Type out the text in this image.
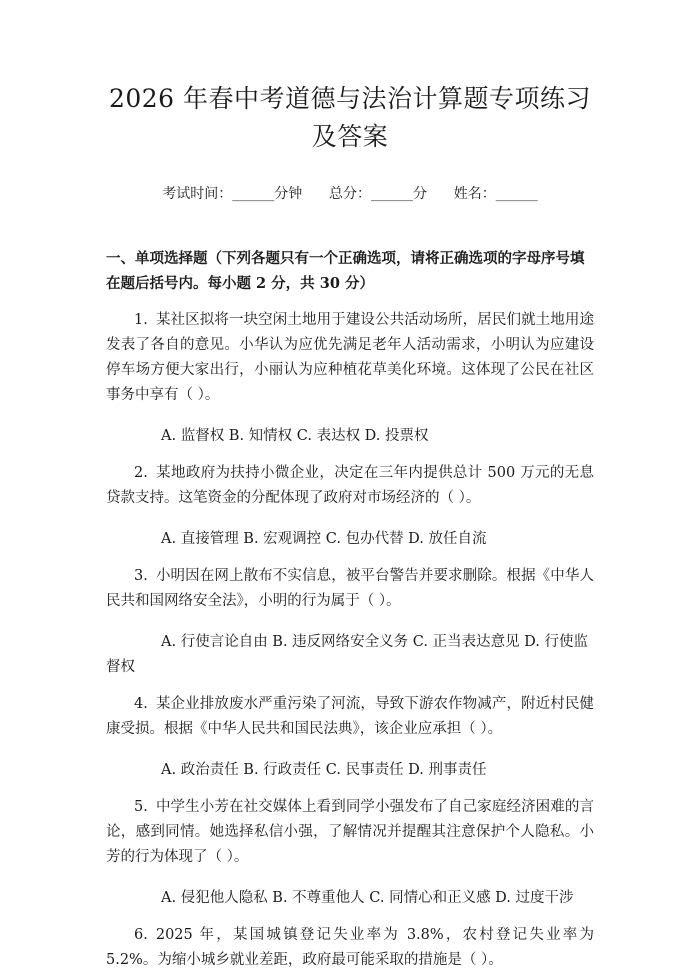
2026 年春中考道德与法治计算题专项练习及答案
考试时间：______分钟      总分：______分      姓名：______
一、单项选择题（下列各题只有一个正确选项，请将正确选项的字母序号填在题后括号内。每小题 2 分，共 30 分）
1. 某社区拟将一块空闲土地用于建设公共活动场所，居民们就土地用途发表了各自的意见。小华认为应优先满足老年人活动需求，小明认为应建设停车场方便大家出行，小丽认为应种植花草美化环境。这体现了公民在社区事务中享有（ ）。
A. 监督权 B. 知情权 C. 表达权 D. 投票权
2. 某地政府为扶持小微企业，决定在三年内提供总计 500 万元的无息贷款支持。这笔资金的分配体现了政府对市场经济的（ ）。
A. 直接管理 B. 宏观调控 C. 包办代替 D. 放任自流
3. 小明因在网上散布不实信息，被平台警告并要求删除。根据《中华人民共和国网络安全法》，小明的行为属于（ ）。
A. 行使言论自由 B. 违反网络安全义务 C. 正当表达意见 D. 行使监督权
4. 某企业排放废水严重污染了河流，导致下游农作物减产，附近村民健康受损。根据《中华人民共和国民法典》，该企业应承担（ ）。
A. 政治责任 B. 行政责任 C. 民事责任 D. 刑事责任
5. 中学生小芳在社交媒体上看到同学小强发布了自己家庭经济困难的言论，感到同情。她选择私信小强，了解情况并提醒其注意保护个人隐私。小芳的行为体现了（ ）。
A. 侵犯他人隐私 B. 不尊重他人 C. 同情心和正义感 D. 过度干涉
6. 2025 年，某国城镇登记失业率为 3.8%，农村登记失业率为 5.2%。为缩小城乡就业差距，政府最可能采取的措施是（ ）。
